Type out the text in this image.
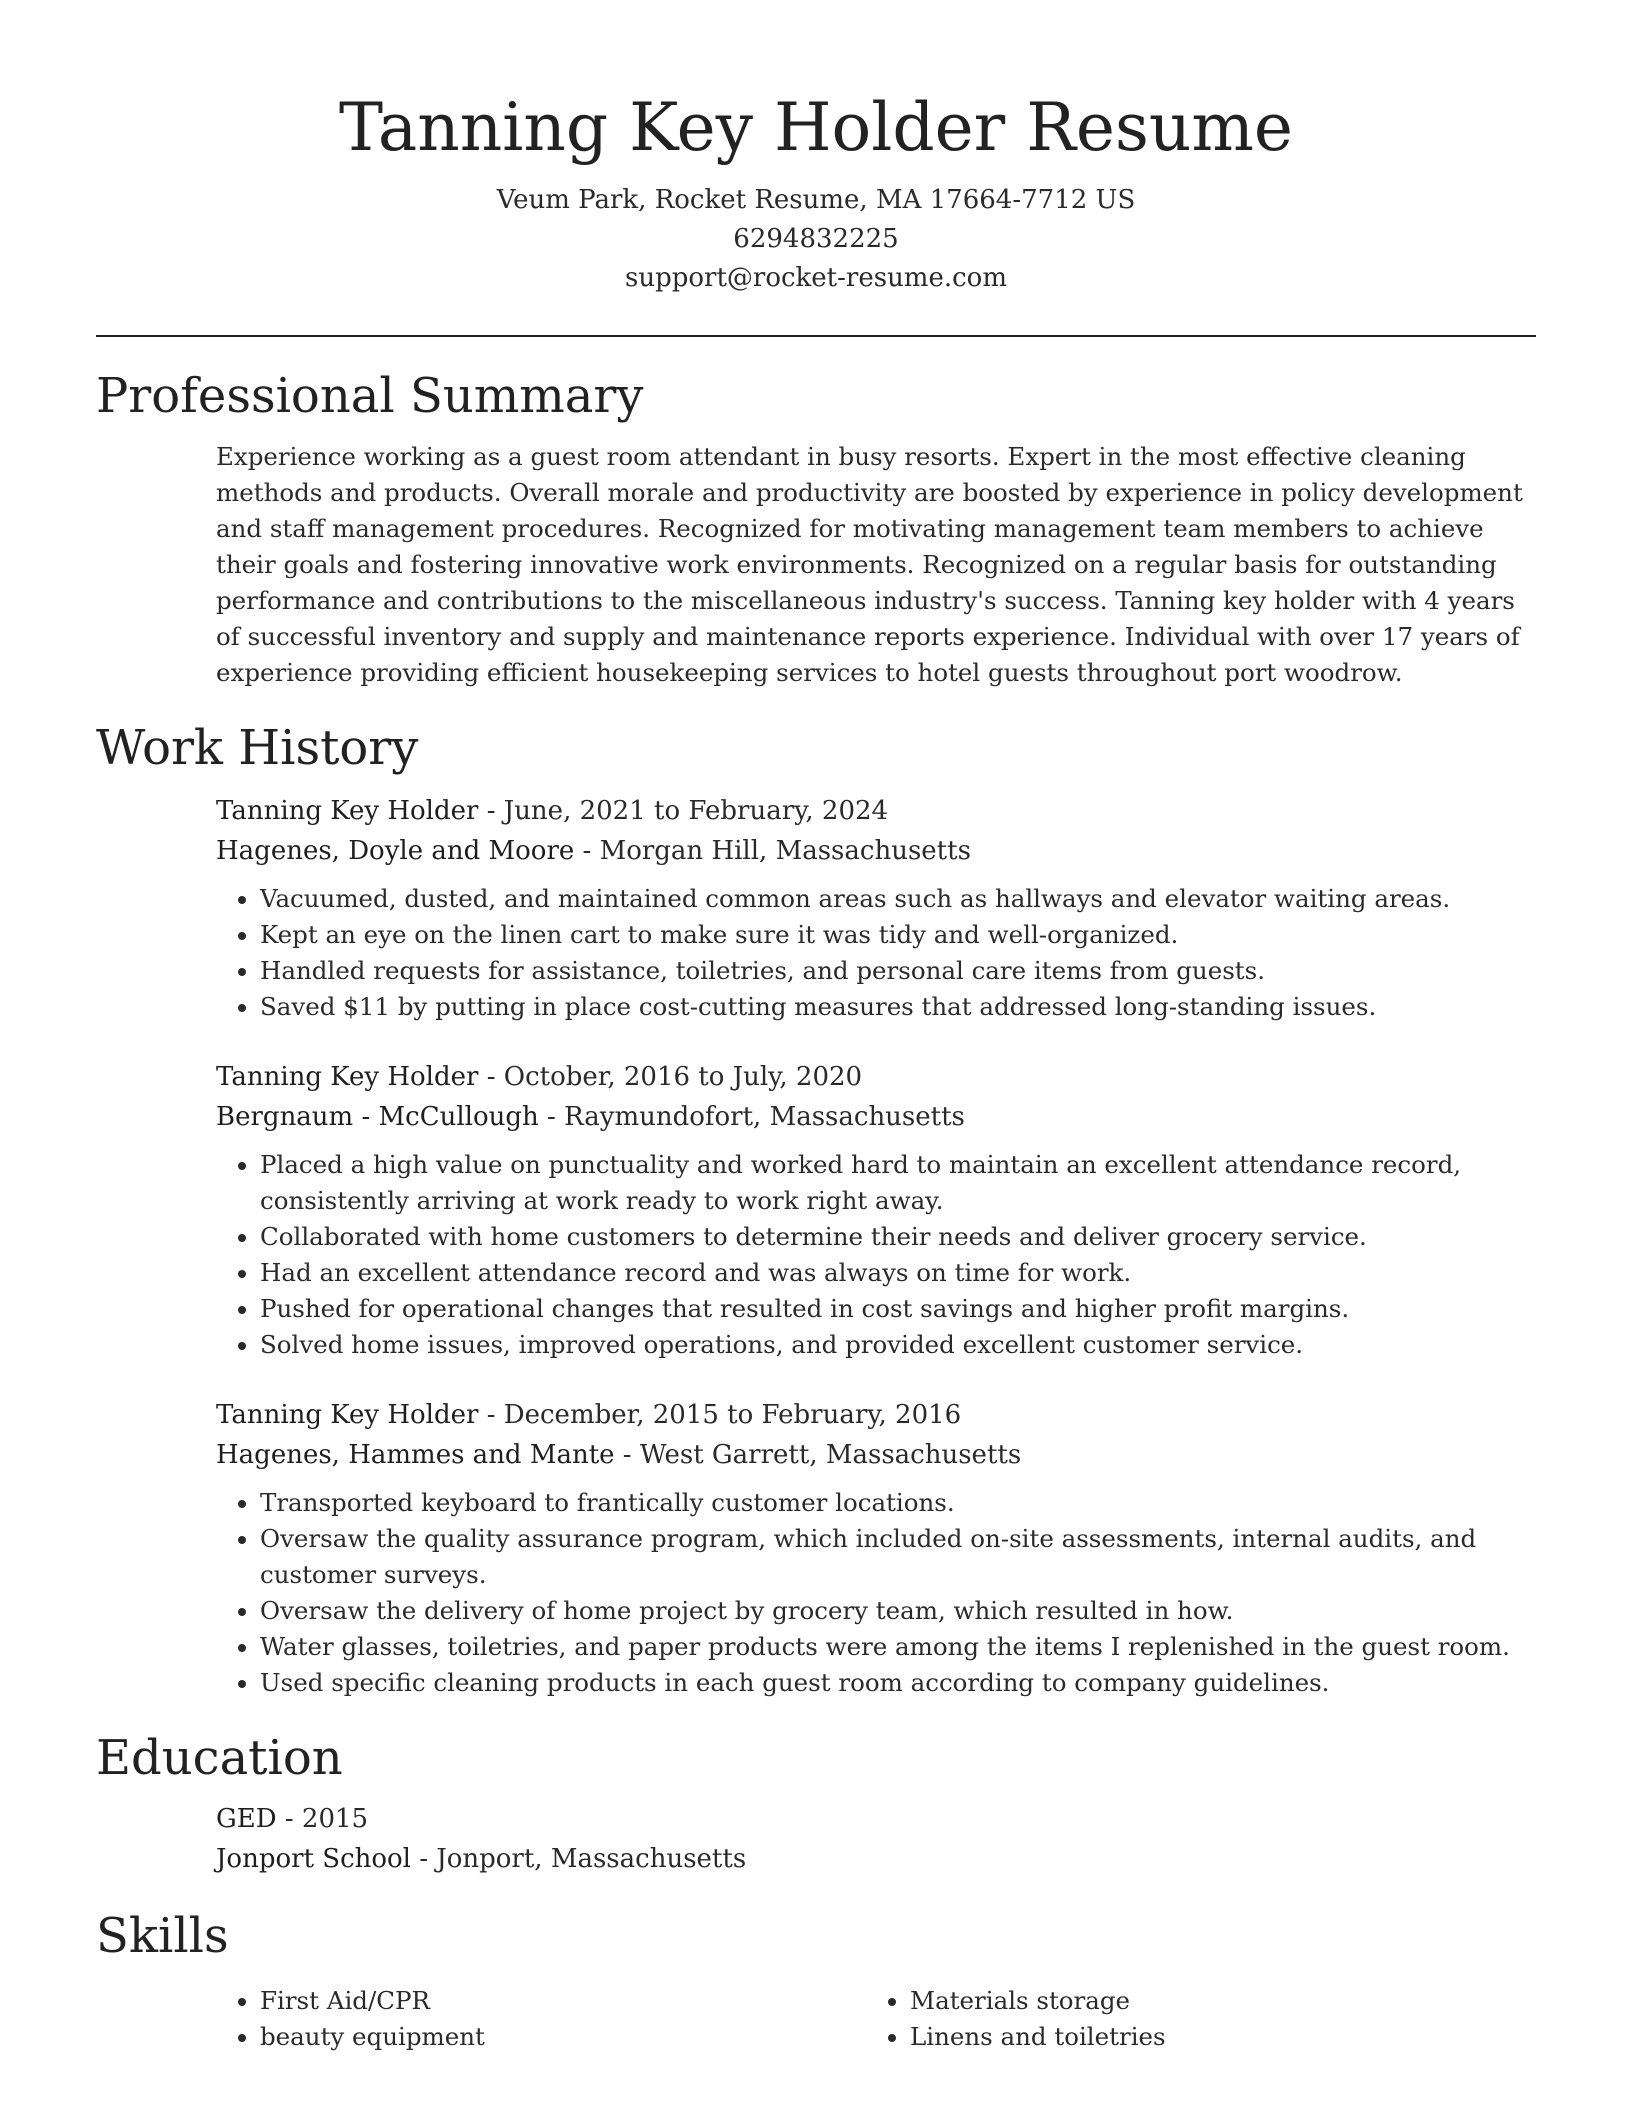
Tanning Key Holder Resume
Veum Park, Rocket Resume, MA 17664-7712 US
6294832225
support@rocket-resume.com
Professional Summary

Experience working as a guest room attendant in busy resorts. Expert in the most effective cleaning methods and products. Overall morale and productivity are boosted by experience in policy development and staff management procedures. Recognized for motivating management team members to achieve their goals and fostering innovative work environments. Recognized on a regular basis for outstanding performance and contributions to the miscellaneous industry's success. Tanning key holder with 4 years of successful inventory and supply and maintenance reports experience. Individual with over 17 years of experience providing efficient housekeeping services to hotel guests throughout port woodrow.

Work History
Tanning Key Holder - June, 2021 to February, 2024
Hagenes, Doyle and Moore - Morgan Hill, Massachusetts
• Vacuumed, dusted, and maintained common areas such as hallways and elevator waiting areas.
• Kept an eye on the linen cart to make sure it was tidy and well-organized.
• Handled requests for assistance, toiletries, and personal care items from guests.
• Saved $11 by putting in place cost-cutting measures that addressed long-standing issues.
Tanning Key Holder - October, 2016 to July, 2020
Bergnaum - McCullough - Raymundofort, Massachusetts
• Placed a high value on punctuality and worked hard to maintain an excellent attendance record, consistently arriving at work ready to work right away.
• Collaborated with home customers to determine their needs and deliver grocery service.
• Had an excellent attendance record and was always on time for work.
• Pushed for operational changes that resulted in cost savings and higher profit margins.
• Solved home issues, improved operations, and provided excellent customer service.
Tanning Key Holder - December, 2015 to February, 2016
Hagenes, Hammes and Mante - West Garrett, Massachusetts
• Transported keyboard to frantically customer locations.
• Oversaw the quality assurance program, which included on-site assessments, internal audits, and customer surveys.
• Oversaw the delivery of home project by grocery team, which resulted in how.
• Water glasses, toiletries, and paper products were among the items I replenished in the guest room.
• Used specific cleaning products in each guest room according to company guidelines.
Education
GED - 2015
Jonport School - Jonport, Massachusetts
Skills
• First Aid/CPR
• beauty equipment
• Materials storage
• Linens and toiletries
